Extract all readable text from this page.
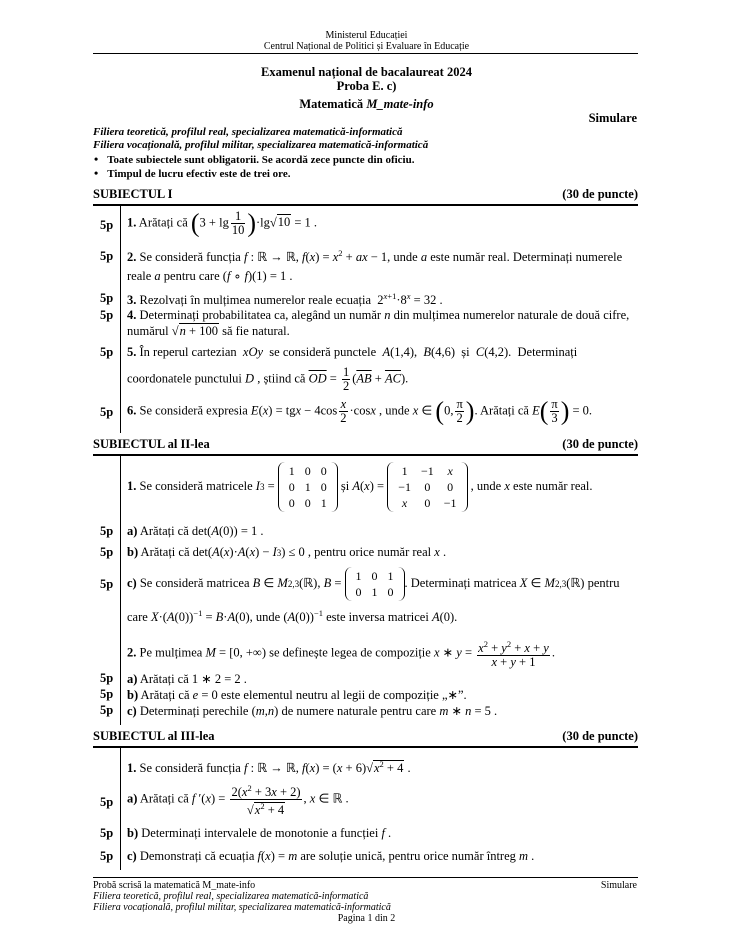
Ministerul Educației
Centrul Național de Politici și Evaluare în Educație
Examenul național de bacalaureat 2024
Proba E. c)
Matematică M_mate-info
Simulare
Filiera teoretică, profilul real, specializarea matematică-informatică
Filiera vocațională, profilul militar, specializarea matematică-informatică
•   Toate subiectele sunt obligatorii. Se acordă zece puncte din oficiu.
•   Timpul de lucru efectiv este de trei ore.
SUBIECTUL I	(30 de puncte)
5p	1. Arătați că $(3 + \lg \frac{1}{10} )\cdot\lg√10 = 1$ .
5p	2. Se consideră funcția f : ℝ → ℝ, $f(x) = x^2$ + ax − 1, unde a este număr real. Determinați numerele
reale a pentru care (f ∘ f)(1) = 1 .
5p	3. Rezolvați în mulțimea numerelor reale ecuația  $2^{x+1}\cdot 8^x = 32$ .
5p	4. Determinați probabilitatea ca, alegând un număr n din mulțimea numerelor naturale de două cifre,
numărul √n + 100 să fie natural.
5p	5. În reperul cartezian  xOy  se consideră punctele  A(1,4),  B(4,6)  și  C(4,2).  Determinați
coordonatele punctului D , știind că $\overline{OD} = \frac{1}{2} (\overline{AB} + \overline{AC})$.
5p	6. Se consideră expresia E(x) = tgx − $4\cos \frac{x}{2} \cdot\cos x$ , unde x ∈ (0, $\frac{\pi}{2}$ ). Arătați că $E( \frac{\pi}{3}$ ) = 0.
SUBIECTUL al II-lea	(30 de puncte)
1. Se consideră matricele I3 =
1	0	0
0	1	0
0	0	1
și A(x) =
1	−1	x
−1	0	0
x	0	−1
, unde x este număr real.
5p	a) Arătați că det(A(0)) = 1 .
5p	b) Arătați că det(A(x)·A(x) − I3) ≤ 0 , pentru orice număr real x .
5p	c) Se consideră matricea B ∈ M2,3(ℝ), B = 1	0	1
0	1	0
. Determinați matricea X ∈ M2,3(ℝ) pentru
care $X\cdot(A(0))^{-1} = B\cdot A(0)$, unde $(A(0))^{-1}$ este inversa matricei A(0).
2. Pe mulțimea M = [0, +∞) se definește legea de compoziție x ∗ $y = \frac{x^2 + y^2 + x + y}{x + y + 1}$ .
5p	a) Arătați că 1 ∗ 2 = 2 .
5p	b) Arătați că e = 0 este elementul neutru al legii de compoziție „∗”.
5p	c) Determinați perechile (m,n) de numere naturale pentru care m ∗ n = 5 .
SUBIECTUL al III-lea	(30 de puncte)
1. Se consideră funcția f : ℝ → ℝ, $f(x) = (x + 6)√x^2 + 4$ .
5p	a) Arătați că f $'(x) = \frac{2(x^2 + 3x + 2)}{√x^2 + 4}$ , x ∈ ℝ .
5p	b) Determinați intervalele de monotonie a funcției f .
5p	c) Demonstrați că ecuația f(x) = m are soluție unică, pentru orice număr întreg m .
Probă scrisă la matematică M_mate-info	Simulare
Filiera teoretică, profilul real, specializarea matematică-informatică
Filiera vocațională, profilul militar, specializarea matematică-informatică
Pagina 1 din 2
